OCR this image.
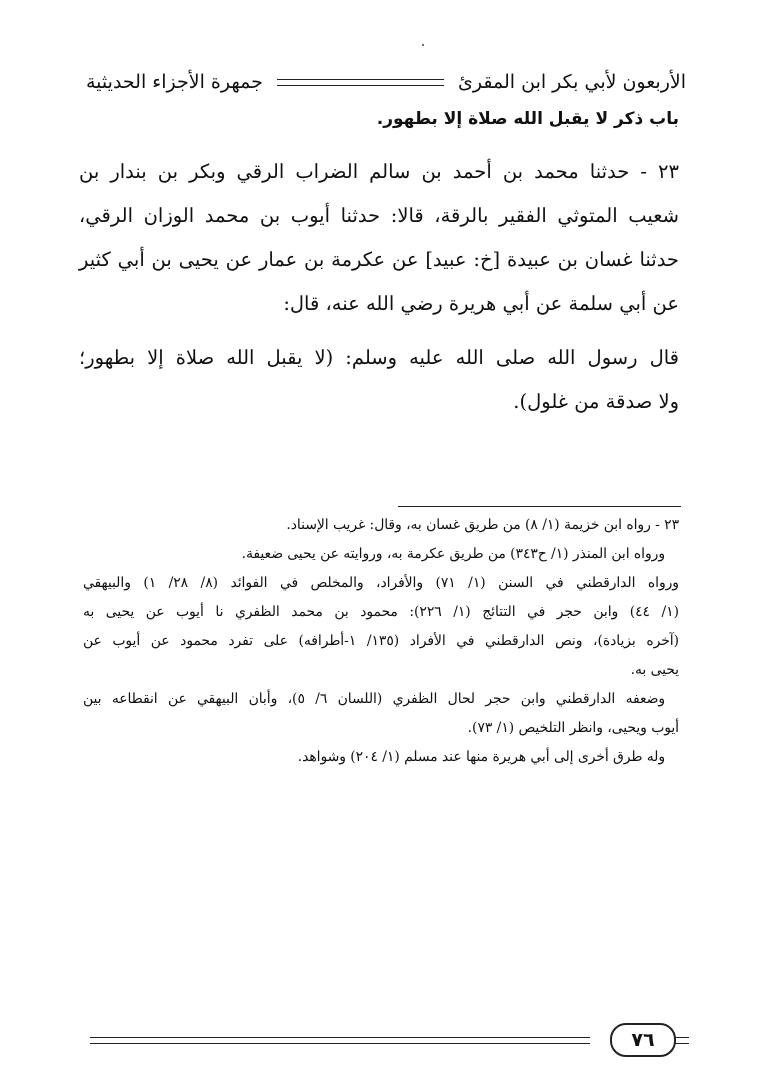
الأربعون لأبي بكر ابن المقرئ
جمهرة الأجزاء الحديثية
باب ذكر لا يقبل الله صلاة إلا بطهور.
٢٣ - حدثنا محمد بن أحمد بن سالم الضراب الرقي وبكر بن بندار بن
شعيب المتوثي الفقير بالرقة، قالا: حدثنا أيوب بن محمد الوزان الرقي،
حدثنا غسان بن عبيدة [خ: عبيد] عن عكرمة بن عمار عن يحيى بن أبي كثير
عن أبي سلمة عن أبي هريرة رضي الله عنه، قال:
قال رسول الله صلى الله عليه وسلم: (لا يقبل الله صلاة إلا بطهور؛
ولا صدقة من غلول).
٢٣ - رواه ابن خزيمة (١/ ٨) من طريق غسان به، وقال: غريب الإسناد.
ورواه ابن المنذر (١/ ح٣٤٣) من طريق عكرمة به، وروايته عن يحيى ضعيفة.
ورواه الدارقطني في السنن (١/ ٧١) والأفراد، والمخلص في الفوائد (٨/ ٢٨/ ١) والبيهقي
(١/ ٤٤) وابن حجر في التتائج (١/ ٢٢٦): محمود بن محمد الظفري نا أيوب عن يحيى به
(آخره بزيادة)، ونص الدارقطني في الأفراد (١٣٥/ ١-أطرافه) على تفرد محمود عن أيوب عن
يحيى به.
وضعفه الدارقطني وابن حجر لحال الظفري (اللسان ٦/ ٥)، وأبان البيهقي عن انقطاعه بين
أيوب ويحيى، وانظر التلخيص (١/ ٧٣).
وله طرق أخرى إلى أبي هريرة منها عند مسلم (١/ ٢٠٤) وشواهد.
٧٦
